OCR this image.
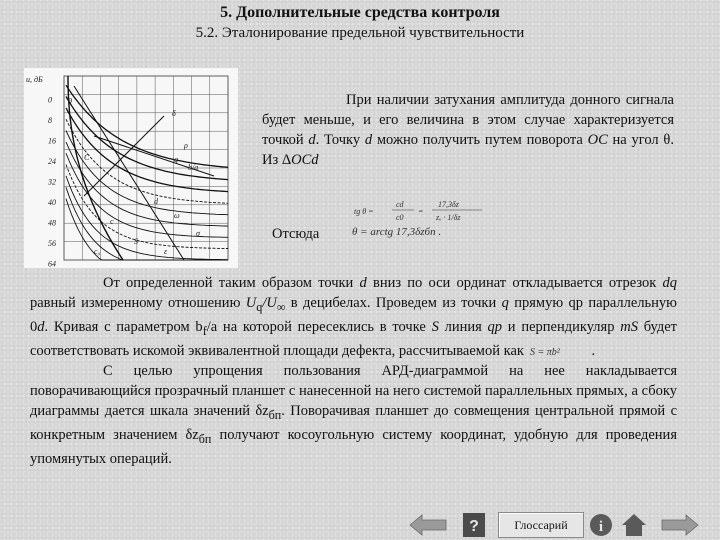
5. Дополнительные средства контроля
5.2. Эталонирование предельной чувствительности
u, дБ
0
8
16
24
32
40
48
56
64
θ
С
δ
ρ
q
b/a
d
с
ω
σ
ε
S
с₀

При наличии затухания амплитуда донного сигнала будет меньше, и его величина в этом случае характеризуется точкой d. Точку d можно получить путем поворота ОС на угол θ. Из ΔOCd

tg θ =
cd
c0
=
17,3δz
zₒ · 1/δz
Отсюда	θ = arctg 17,3δzбп .

От определенной таким образом точки d вниз по оси ординат откладывается отрезок dq равный измеренному отношению $U_q/U_\infty$ в децибелах. Проведем из точки q прямую qp параллельную 0d. Кривая с параметром $b_f/a$ на которой пересеклись в точке S линия qp и перпендикуляр mS будет соответствовать искомой эквивалентной площади дефекта, рассчитываемой как S = πb² .
С целью упрощения пользования АРД-диаграммой на нее накладывается поворачивающийся прозрачный планшет с нанесенной на него системой параллельных прямых, а сбоку диаграммы дается шкала значений $\delta z_{бп}$. Поворачивая планшет до совмещения центральной прямой с конкретным значением $\delta z_{бп}$ получают косоугольную систему координат, удобную для проведения упомянутых операций.

?	Глоссарий	i
